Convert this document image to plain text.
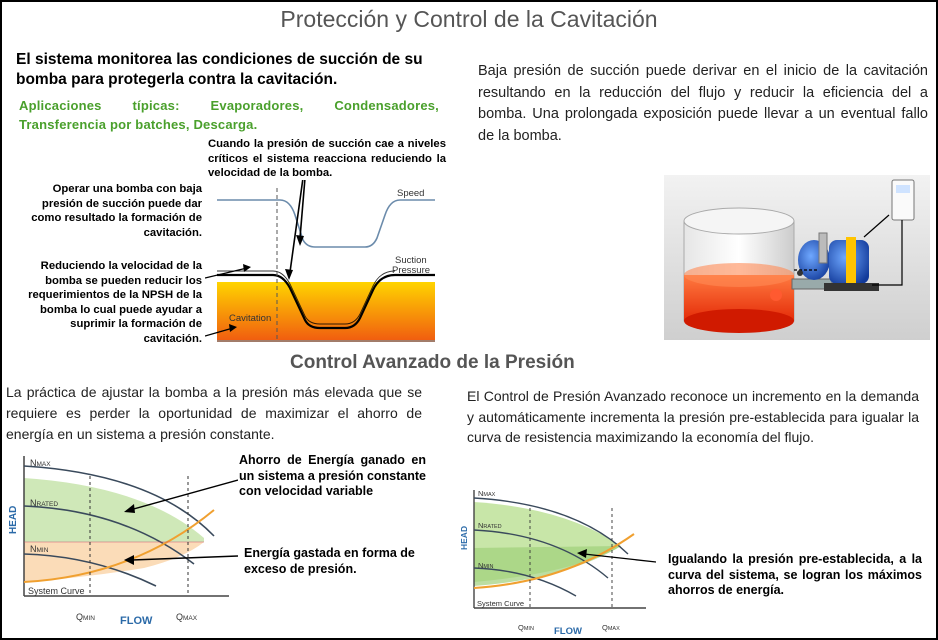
Protección y Control de la Cavitación
El sistema monitorea las condiciones de succión de su bomba para protegerla contra la cavitación.
Aplicaciones típicas: Evaporadores, Condensadores, Transferencia por batches, Descarga.
Baja presión de succión puede derivar en el inicio de la cavitación resultando en la reducción del flujo y reducir la eficiencia del a bomba. Una prolongada exposición puede llevar a un eventual fallo de la bomba.
Speed
Suction
Pressure
Cavitation
Cuando la presión de succión cae a niveles críticos el sistema reacciona reduciendo la velocidad de la bomba.
Operar una bomba con baja presión de succión puede dar como resultado la formación de cavitación.
Reduciendo la velocidad de la bomba se pueden reducir los requerimientos de la NPSH de la bomba lo cual puede ayudar a suprimir la formación de cavitación.
Control Avanzado de la Presión
La práctica de ajustar la bomba a la presión más elevada que se requiere es perder la oportunidad de maximizar el ahorro de energía en un sistema a presión constante.
El Control de Presión Avanzado reconoce un incremento en la demanda y automáticamente incrementa la presión pre-establecida para igualar la curva de resistencia maximizando la economía del flujo.
NMAX
NRATED
NMIN
HEAD
FLOW
QMIN	QMAX
System Curve
Ahorro de Energía ganado en un sistema a presión constante con velocidad variable
Energía gastada en forma de exceso de presión.
NMAX
NRATED
NMIN
HEAD
FLOW
QMIN	QMAX
System Curve
Igualando la presión pre-establecida, a la curva del sistema, se logran los máximos ahorros de energía.
